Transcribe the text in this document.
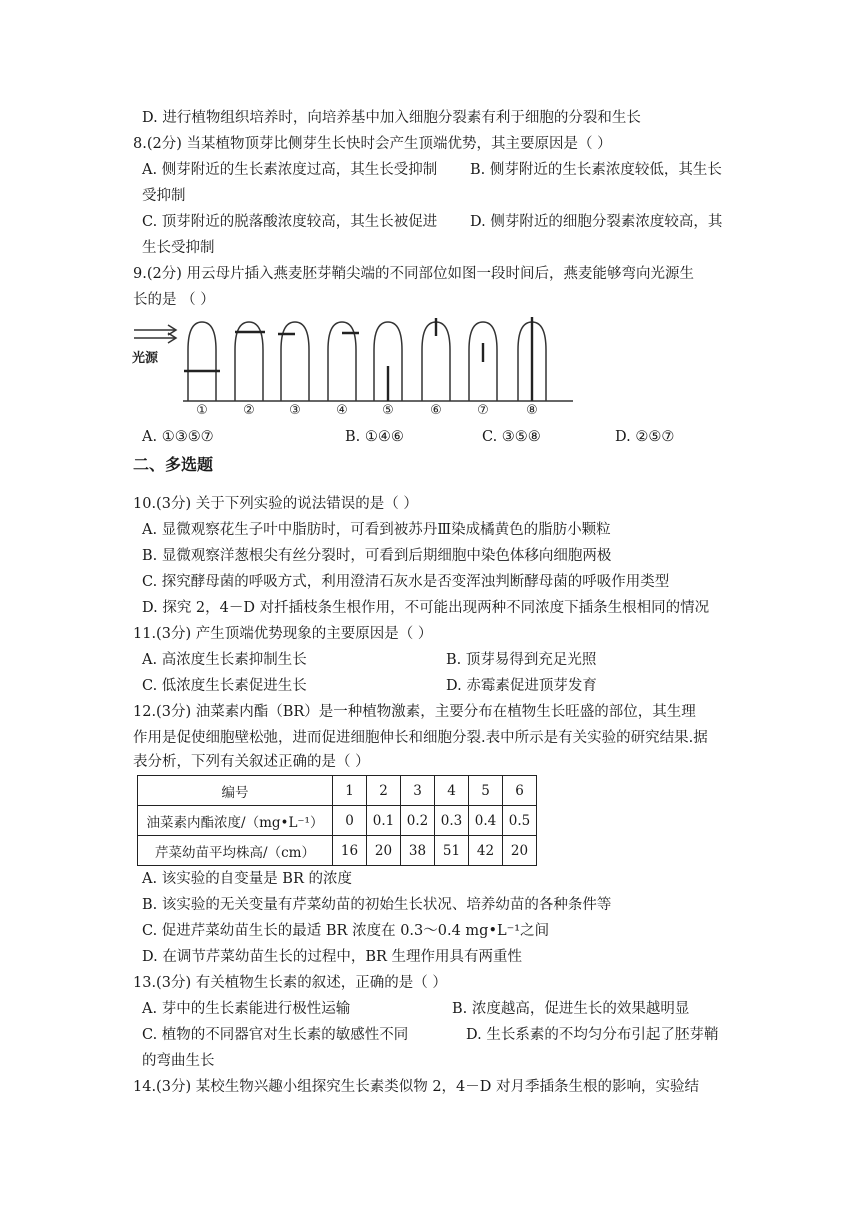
D. 进行植物组织培养时，向培养基中加入细胞分裂素有利于细胞的分裂和生长
8.(2分) 当某植物顶芽比侧芽生长快时会产生顶端优势，其主要原因是（ ）
A. 侧芽附近的生长素浓度过高，其生长受抑制 B. 侧芽附近的生长素浓度较低，其生长
受抑制
C. 顶芽附近的脱落酸浓度较高，其生长被促进 D. 侧芽附近的细胞分裂素浓度较高，其
生长受抑制
9.(2分) 用云母片插入燕麦胚芽鞘尖端的不同部位如图一段时间后，燕麦能够弯向光源生
长的是 （ ）
光源
①	②	③	④	⑤	⑥	⑦	⑧
A. ①③⑤⑦	B. ①④⑥	C. ③⑤⑧	D. ②⑤⑦
二、多选题
10.(3分) 关于下列实验的说法错误的是（ ）
A. 显微观察花生子叶中脂肪时，可看到被苏丹Ⅲ染成橘黄色的脂肪小颗粒
B. 显微观察洋葱根尖有丝分裂时，可看到后期细胞中染色体移向细胞两极
C. 探究酵母菌的呼吸方式，利用澄清石灰水是否变浑浊判断酵母菌的呼吸作用类型
D. 探究 2，4－D 对扦插枝条生根作用，不可能出现两种不同浓度下插条生根相同的情况
11.(3分) 产生顶端优势现象的主要原因是（ ）
A. 高浓度生长素抑制生长	B. 顶芽易得到充足光照
C. 低浓度生长素促进生长	D. 赤霉素促进顶芽发育
12.(3分) 油菜素内酯（BR）是一种植物激素，主要分布在植物生长旺盛的部位，其生理
作用是促使细胞壁松弛，进而促进细胞伸长和细胞分裂.表中所示是有关实验的研究结果.据
表分析，下列有关叙述正确的是（ ）
编号	1	2	3	4	5	6
油菜素内酯浓度/（mg•L⁻¹）	0	0.1	0.2	0.3	0.4	0.5
芹菜幼苗平均株高/（cm）	16	20	38	51	42	20
A. 该实验的自变量是 BR 的浓度
B. 该实验的无关变量有芹菜幼苗的初始生长状况、培养幼苗的各种条件等
C. 促进芹菜幼苗生长的最适 BR 浓度在 0.3～0.4 mg•L⁻¹之间
D. 在调节芹菜幼苗生长的过程中，BR 生理作用具有两重性
13.(3分) 有关植物生长素的叙述，正确的是（ ）
A. 芽中的生长素能进行极性运输	B. 浓度越高，促进生长的效果越明显
C. 植物的不同器官对生长素的敏感性不同	D. 生长系素的不均匀分布引起了胚芽鞘
的弯曲生长
14.(3分) 某校生物兴趣小组探究生长素类似物 2，4－D 对月季插条生根的影响，实验结
